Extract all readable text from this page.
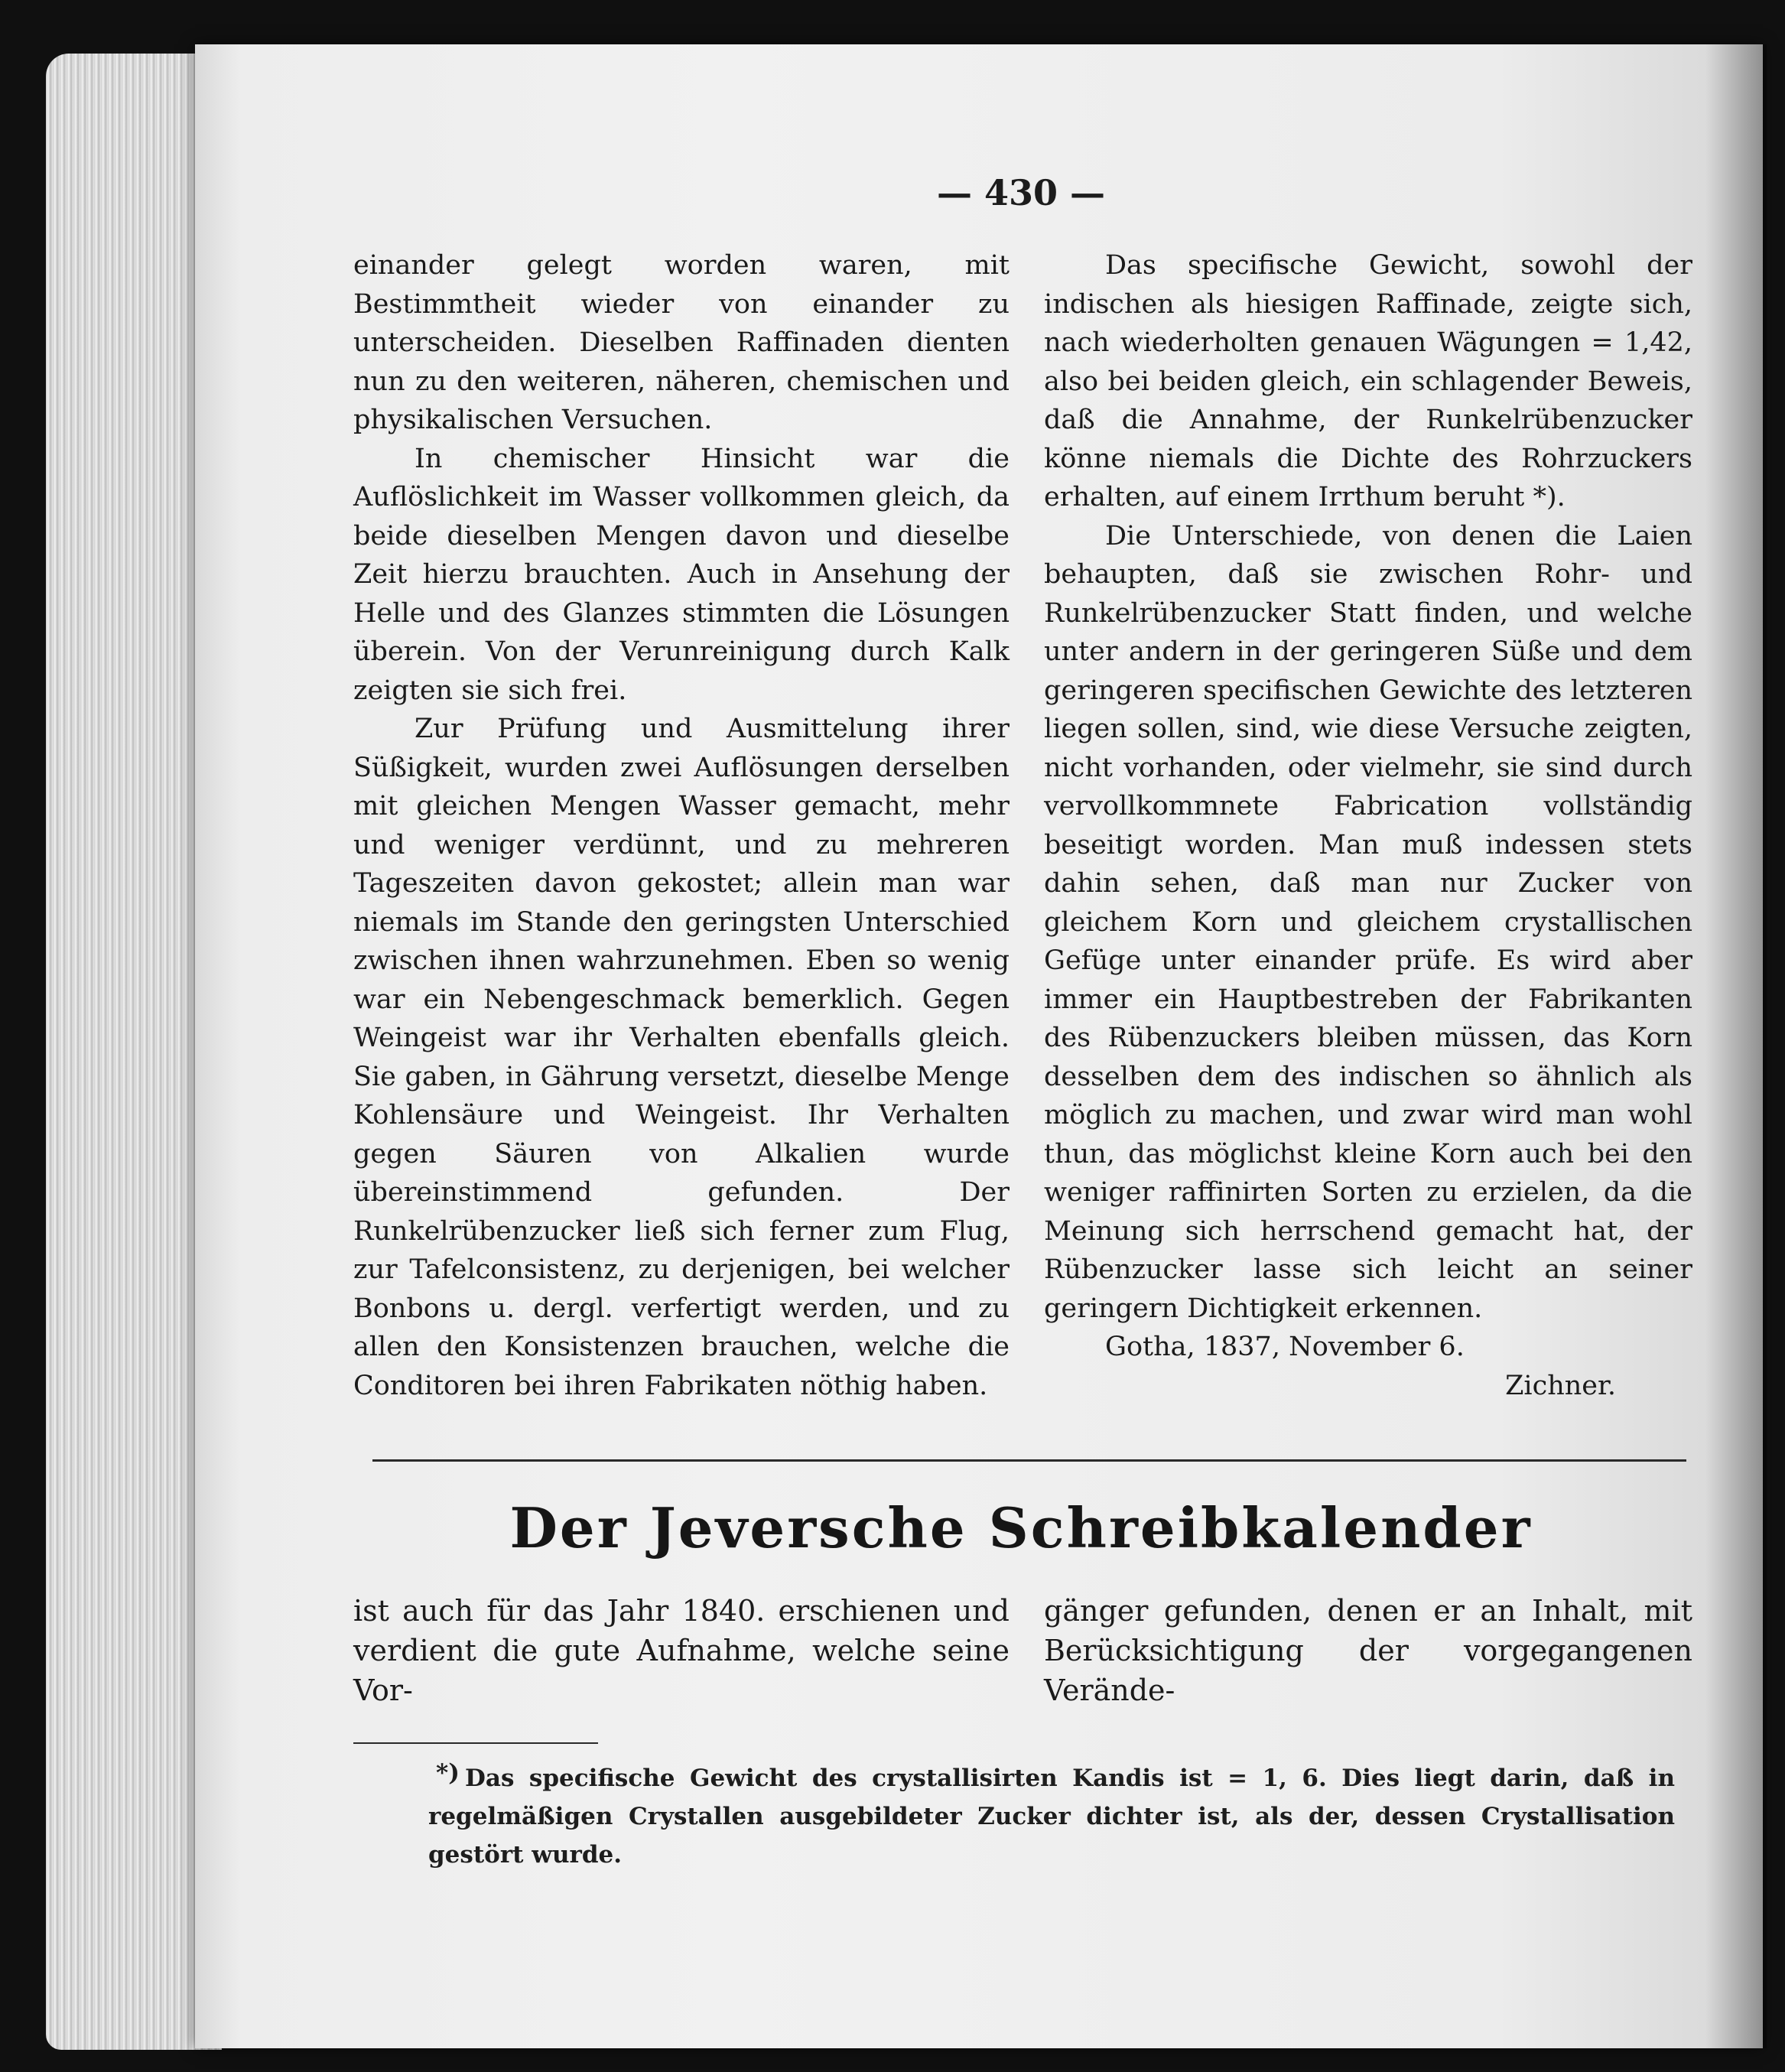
— 430 —

einander gelegt worden waren, mit Bestimmtheit wieder von einander zu unterscheiden. Dieselben Raffinaden dienten nun zu den weiteren, näheren, chemischen und physikalischen Versuchen.

In chemischer Hinsicht war die Auflöslichkeit im Wasser vollkommen gleich, da beide dieselben Mengen davon und dieselbe Zeit hierzu brauchten. Auch in Ansehung der Helle und des Glanzes stimmten die Lösungen überein. Von der Verunreinigung durch Kalk zeigten sie sich frei.

Zur Prüfung und Ausmittelung ihrer Süßigkeit, wurden zwei Auflösungen derselben mit gleichen Mengen Wasser gemacht, mehr und weniger verdünnt, und zu mehreren Tageszeiten davon gekostet; allein man war niemals im Stande den geringsten Unterschied zwischen ihnen wahrzunehmen. Eben so wenig war ein Nebengeschmack bemerklich. Gegen Weingeist war ihr Verhalten ebenfalls gleich. Sie gaben, in Gährung versetzt, dieselbe Menge Kohlensäure und Weingeist. Ihr Verhalten gegen Säuren von Alkalien wurde übereinstimmend gefunden. Der Runkelrübenzucker ließ sich ferner zum Flug, zur Tafelconsistenz, zu derjenigen, bei welcher Bonbons u. dergl. verfertigt werden, und zu allen den Konsistenzen brauchen, welche die Conditoren bei ihren Fabrikaten nöthig haben.

Das specifische Gewicht, sowohl der indischen als hiesigen Raffinade, zeigte sich, nach wiederholten genauen Wägungen = 1,42, also bei beiden gleich, ein schlagender Beweis, daß die Annahme, der Runkelrübenzucker könne niemals die Dichte des Rohrzuckers erhalten, auf einem Irrthum beruht *).

Die Unterschiede, von denen die Laien behaupten, daß sie zwischen Rohr- und Runkelrübenzucker Statt finden, und welche unter andern in der geringeren Süße und dem geringeren specifischen Gewichte des letzteren liegen sollen, sind, wie diese Versuche zeigten, nicht vorhanden, oder vielmehr, sie sind durch vervollkommnete Fabrication vollständig beseitigt worden. Man muß indessen stets dahin sehen, daß man nur Zucker von gleichem Korn und gleichem crystallischen Gefüge unter einander prüfe. Es wird aber immer ein Hauptbestreben der Fabrikanten des Rübenzuckers bleiben müssen, das Korn desselben dem des indischen so ähnlich als möglich zu machen, und zwar wird man wohl thun, das möglichst kleine Korn auch bei den weniger raffinirten Sorten zu erzielen, da die Meinung sich herrschend gemacht hat, der Rübenzucker lasse sich leicht an seiner geringern Dichtigkeit erkennen.

Gotha, 1837, November 6.

Zichner.

Der Jeversche Schreibkalender
ist auch für das Jahr 1840. erschienen und verdient die gute Aufnahme, welche seine Vor-
gänger gefunden, denen er an Inhalt, mit Berücksichtigung der vorgegangenen Verände-
*) Das specifische Gewicht des crystallisirten Kandis ist = 1, 6. Dies liegt darin, daß in regelmäßigen Crystallen ausgebildeter Zucker dichter ist, als der, dessen Crystallisation gestört wurde.
